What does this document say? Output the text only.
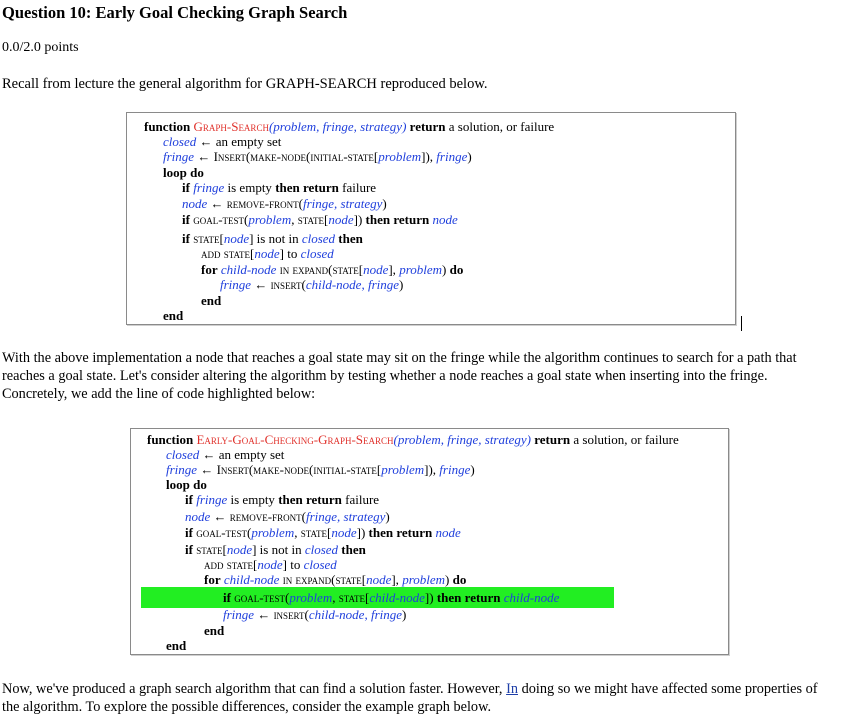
Question 10: Early Goal Checking Graph Search
0.0/2.0 points
Recall from lecture the general algorithm for GRAPH-SEARCH reproduced below.
function Graph-Search(problem, fringe, strategy) return a solution, or failure
closed ← an empty set
fringe ← Insert(make-node(initial-state[problem]), fringe)
loop do
if fringe is empty then return failure
node ← remove-front(fringe, strategy)
if goal-test(problem, state[node]) then return node
if state[node] is not in closed then
add state[node] to closed
for child-node in expand(state[node], problem) do
fringe ← insert(child-node, fringe)
end
end
With the above implementation a node that reaches a goal state may sit on the fringe while the algorithm continues to search for a path that
reaches a goal state. Let's consider altering the algorithm by testing whether a node reaches a goal state when inserting into the fringe.
Concretely, we add the line of code highlighted below:
function Early-Goal-Checking-Graph-Search(problem, fringe, strategy) return a solution, or failure
closed ← an empty set
fringe ← Insert(make-node(initial-state[problem]), fringe)
loop do
if fringe is empty then return failure
node ← remove-front(fringe, strategy)
if goal-test(problem, state[node]) then return node
if state[node] is not in closed then
add state[node] to closed
for child-node in expand(state[node], problem) do
if goal-test(problem, state[child-node]) then return child-node
fringe ← insert(child-node, fringe)
end
end
Now, we've produced a graph search algorithm that can find a solution faster. However, In doing so we might have affected some properties of
the algorithm. To explore the possible differences, consider the example graph below.
